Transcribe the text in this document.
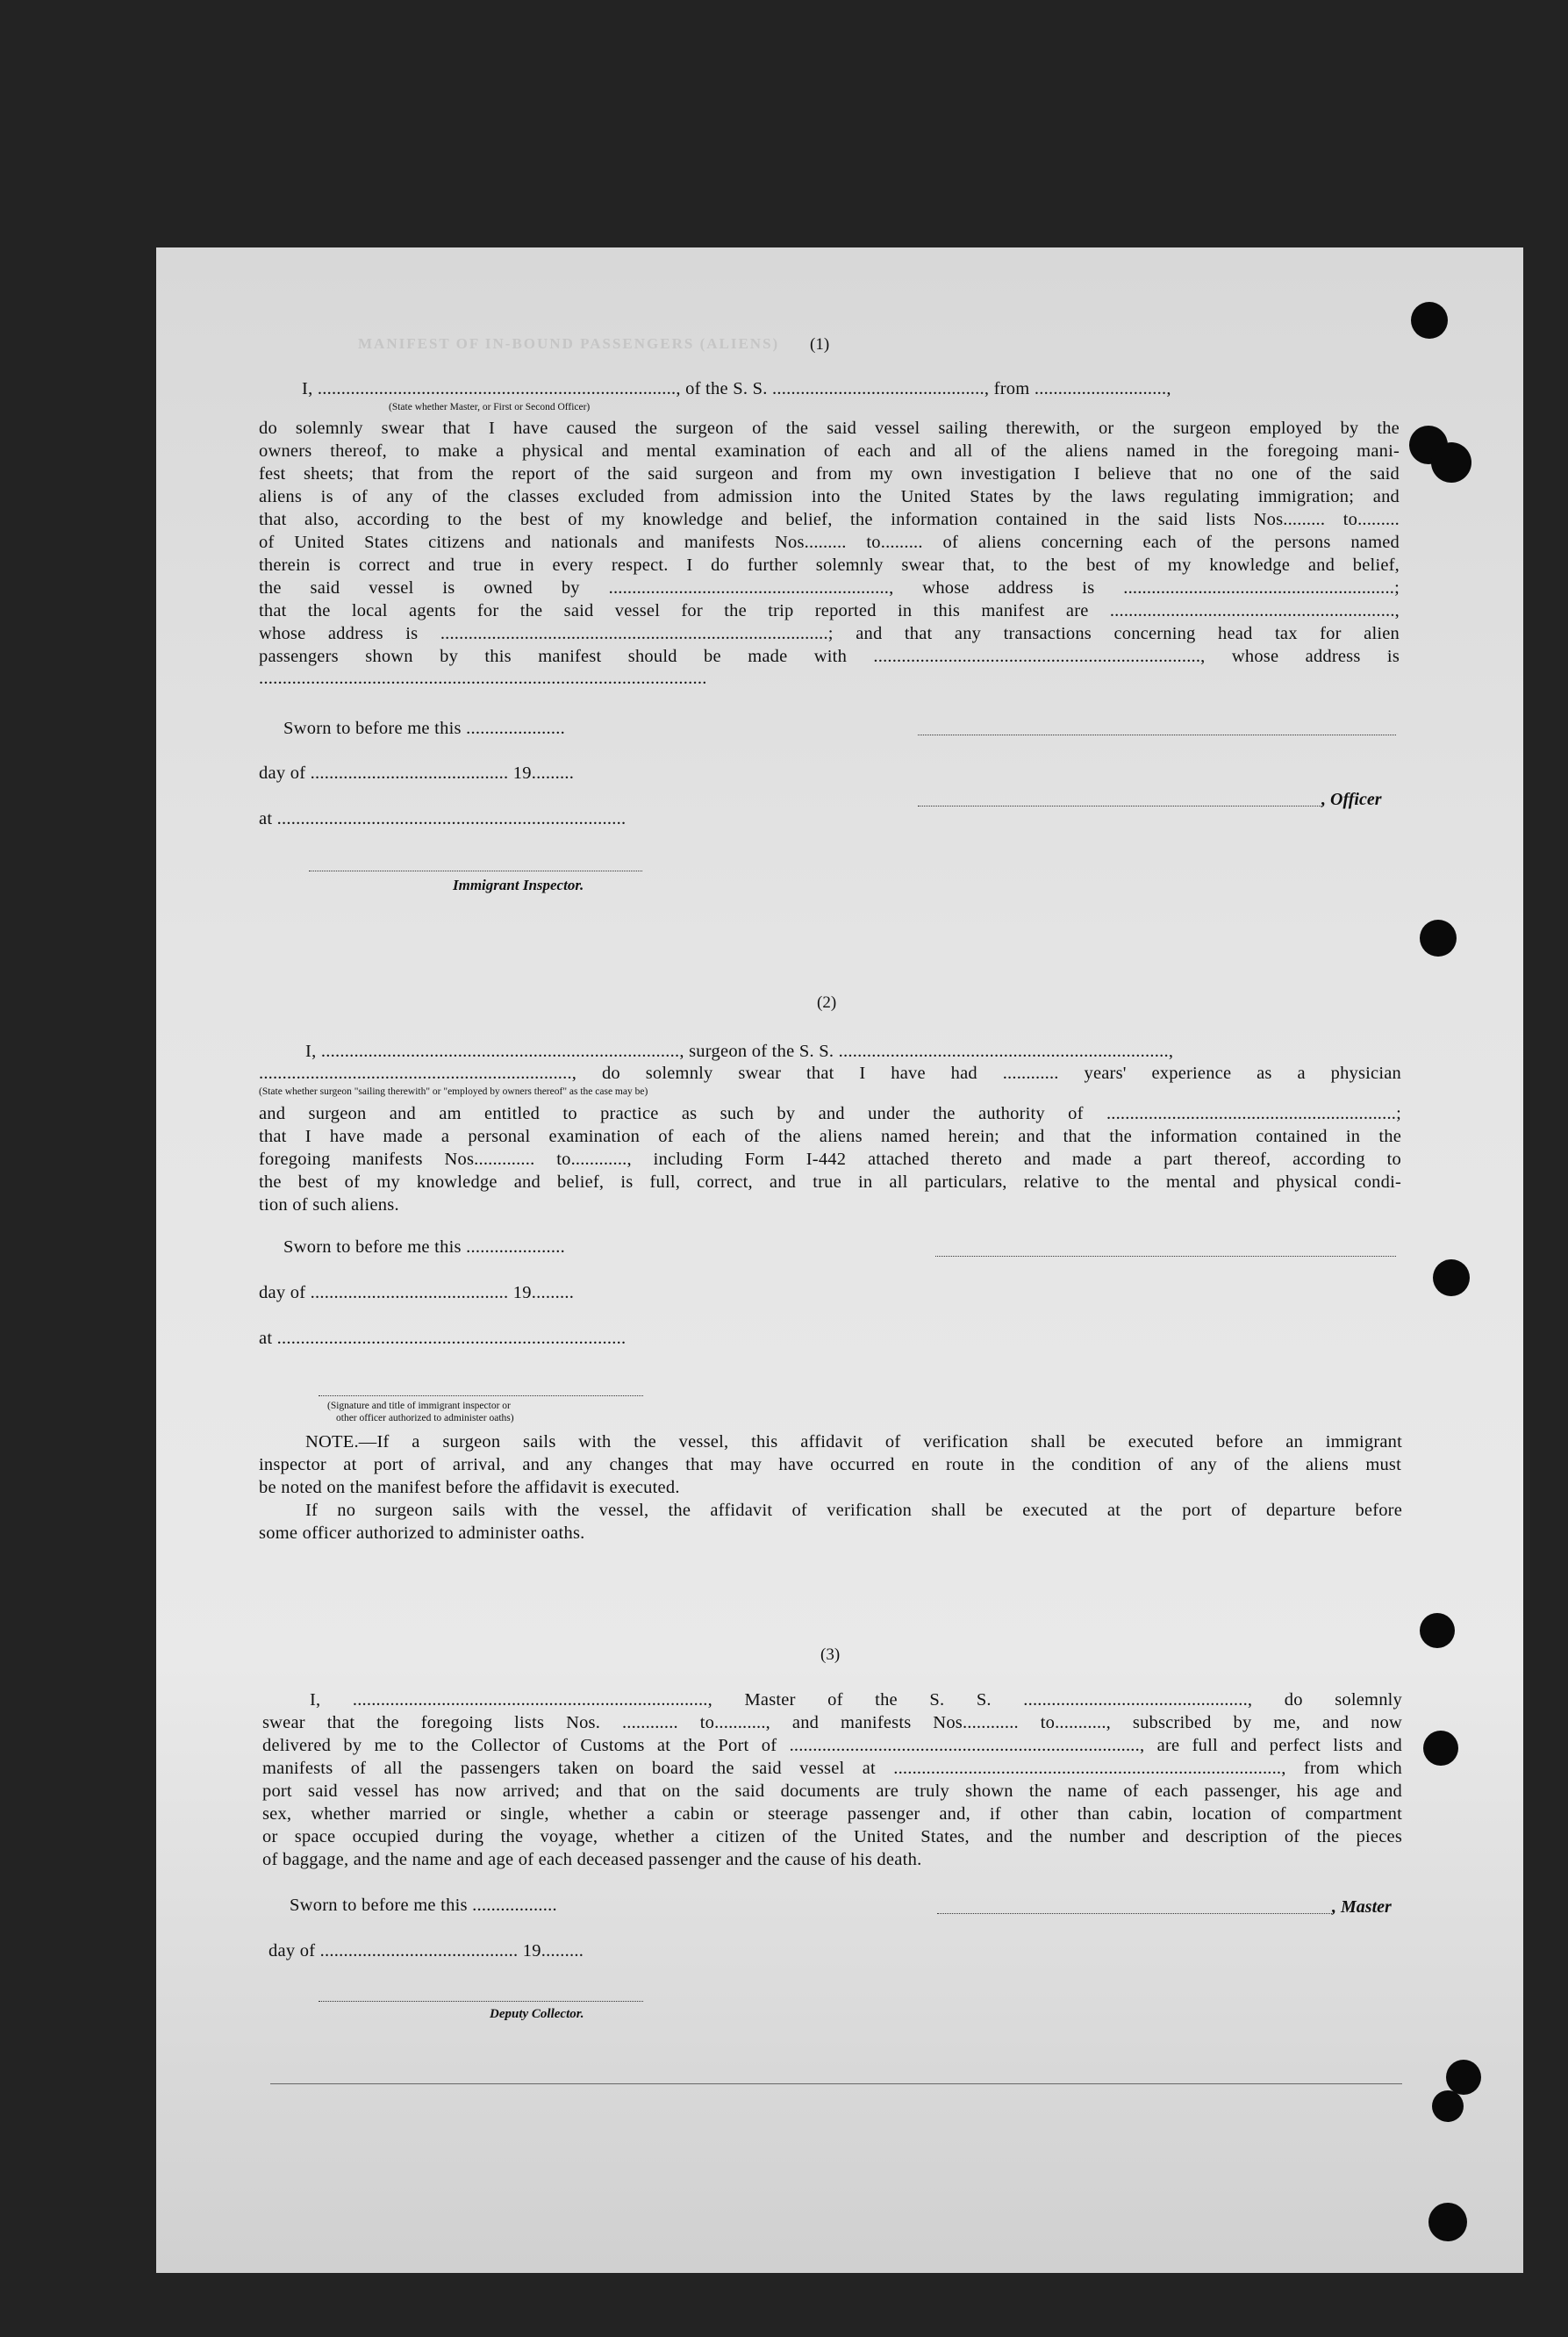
MANIFEST OF IN-BOUND PASSENGERS (ALIENS) (1)
I, ............................................................................, of the S. S. ............................................., from ............................,
(State whether Master, or First or Second Officer)
do solemnly swear that I have caused the surgeon of the said vessel sailing therewith, or the surgeon employed by the
owners thereof, to make a physical and mental examination of each and all of the aliens named in the foregoing mani-
fest sheets; that from the report of the said surgeon and from my own investigation I believe that no one of the said
aliens is of any of the classes excluded from admission into the United States by the laws regulating immigration; and
that also, according to the best of my knowledge and belief, the information contained in the said lists Nos......... to.........
of United States citizens and nationals and manifests Nos......... to......... of aliens concerning each of the persons named
therein is correct and true in every respect. I do further solemnly swear that, to the best of my knowledge and belief,
the said vessel is owned by ............................................................, whose address is ..........................................................;
that the local agents for the said vessel for the trip reported in this manifest are .............................................................,
whose address is ...................................................................................; and that any transactions concerning head tax for alien
passengers shown by this manifest should be made with ......................................................................, whose address is
...............................................................................................
Sworn to before me this .....................
day of .......................................... 19.........
at ..........................................................................
Immigrant Inspector.
, Officer
(2)
I, ............................................................................, surgeon of the S. S. ......................................................................,
..................................................................., do solemnly swear that I have had ............ years' experience as a physician
(State whether surgeon "sailing therewith" or "employed by owners thereof" as the case may be)
and surgeon and am entitled to practice as such by and under the authority of ..............................................................;
that I have made a personal examination of each of the aliens named herein; and that the information contained in the
foregoing manifests Nos............. to............, including Form I-442 attached thereto and made a part thereof, according to
the best of my knowledge and belief, is full, correct, and true in all particulars, relative to the mental and physical condi-
tion of such aliens.
Sworn to before me this .....................
day of .......................................... 19.........
at ..........................................................................
(Signature and title of immigrant inspector or
other officer authorized to administer oaths)
NOTE.—If a surgeon sails with the vessel, this affidavit of verification shall be executed before an immigrant
inspector at port of arrival, and any changes that may have occurred en route in the condition of any of the aliens must
be noted on the manifest before the affidavit is executed.
If no surgeon sails with the vessel, the affidavit of verification shall be executed at the port of departure before
some officer authorized to administer oaths.
(3)
I, ............................................................................, Master of the S. S. ................................................, do solemnly
swear that the foregoing lists Nos. ............ to..........., and manifests Nos............ to..........., subscribed by me, and now
delivered by me to the Collector of Customs at the Port of ..........................................................................., are full and perfect lists and
manifests of all the passengers taken on board the said vessel at ..................................................................................., from which
port said vessel has now arrived; and that on the said documents are truly shown the name of each passenger, his age and
sex, whether married or single, whether a cabin or steerage passenger and, if other than cabin, location of compartment
or space occupied during the voyage, whether a citizen of the United States, and the number and description of the pieces
of baggage, and the name and age of each deceased passenger and the cause of his death.
Sworn to before me this ..................	, Master
day of .......................................... 19.........
Deputy Collector.
